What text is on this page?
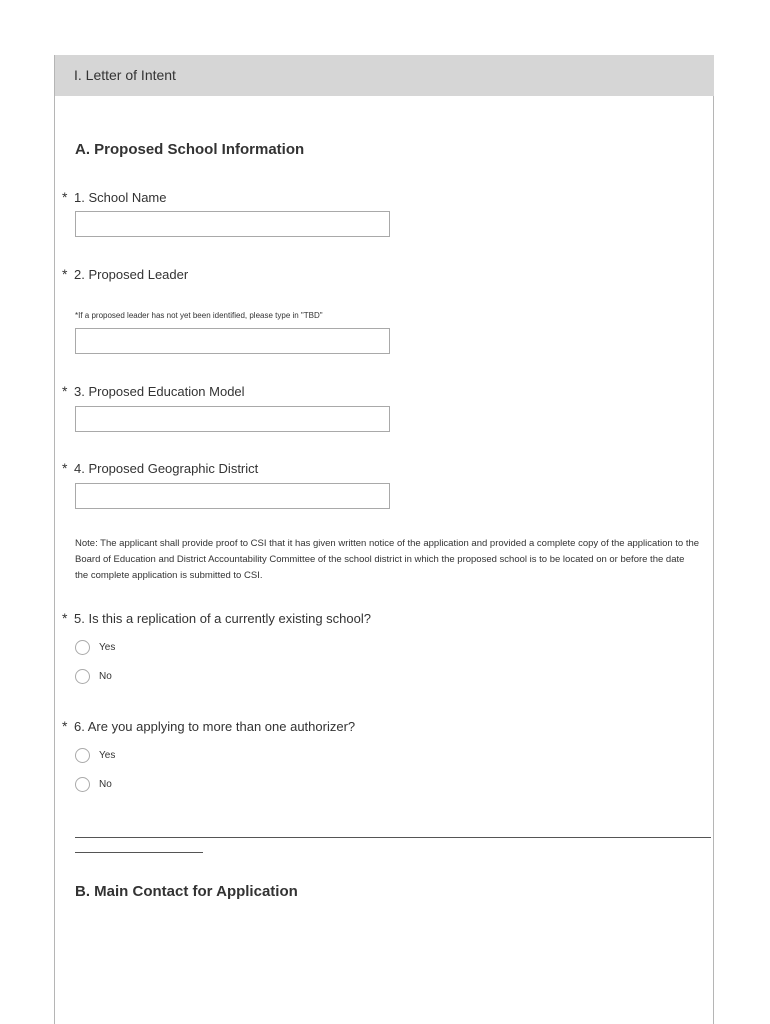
I. Letter of Intent
A. Proposed School Information
* 1. School Name
* 2. Proposed Leader
*If a proposed leader has not yet been identified, please type in "TBD"
* 3. Proposed Education Model
* 4. Proposed Geographic District
Note: The applicant shall provide proof to CSI that it has given written notice of the application and provided a complete copy of the application to the Board of Education and District Accountability Committee of the school district in which the proposed school is to be located on or before the date the complete application is submitted to CSI.
* 5. Is this a replication of a currently existing school?
Yes
No
* 6. Are you applying to more than one authorizer?
Yes
No
B. Main Contact for Application
